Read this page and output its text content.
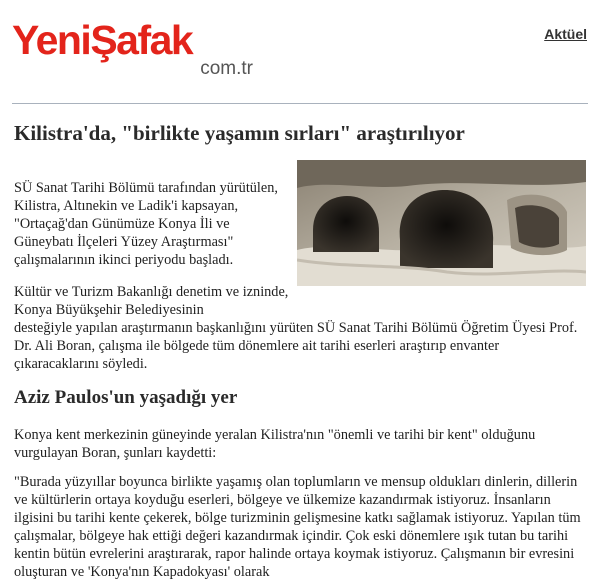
YeniŞafak
com.tr
Aktüel
Kilistra'da, "birlikte yaşamın sırları" araştırılıyor

SÜ Sanat Tarihi Bölümü tarafından yürütülen, Kilistra, Altınekin ve Ladik'i kapsayan, "Ortaçağ'dan Günümüze Konya İli ve Güneybatı İlçeleri Yüzey Araştırması" çalışmalarının ikinci periyodu başladı.

Kültür ve Turizm Bakanlığı denetim ve izninde, Konya Büyükşehir Belediyesinin
desteğiyle yapılan araştırmanın başkanlığını yürüten SÜ Sanat Tarihi Bölümü Öğretim Üyesi Prof. Dr. Ali Boran, çalışma ile bölgede tüm dönemlere ait tarihi eserleri araştırıp envanter çıkaracaklarını söyledi.

Aziz Paulos'un yaşadığı yer

Konya kent merkezinin güneyinde yeralan Kilistra'nın "önemli ve tarihi bir kent" olduğunu vurgulayan Boran, şunları kaydetti:

"Burada yüzyıllar boyunca birlikte yaşamış olan toplumların ve mensup oldukları dinlerin, dillerin ve kültürlerin ortaya koyduğu eserleri, bölgeye ve ülkemize kazandırmak istiyoruz. İnsanların ilgisini bu tarihi kente çekerek, bölge turizminin gelişmesine katkı sağlamak istiyoruz. Yapılan tüm çalışmalar, bölgeye hak ettiği değeri kazandırmak içindir. Çok eski dönemlere ışık tutan bu tarihi kentin bütün evrelerini araştırarak, rapor halinde ortaya koymak istiyoruz. Çalışmanın bir evresini oluşturan ve 'Konya'nın Kapadokyası' olarak
